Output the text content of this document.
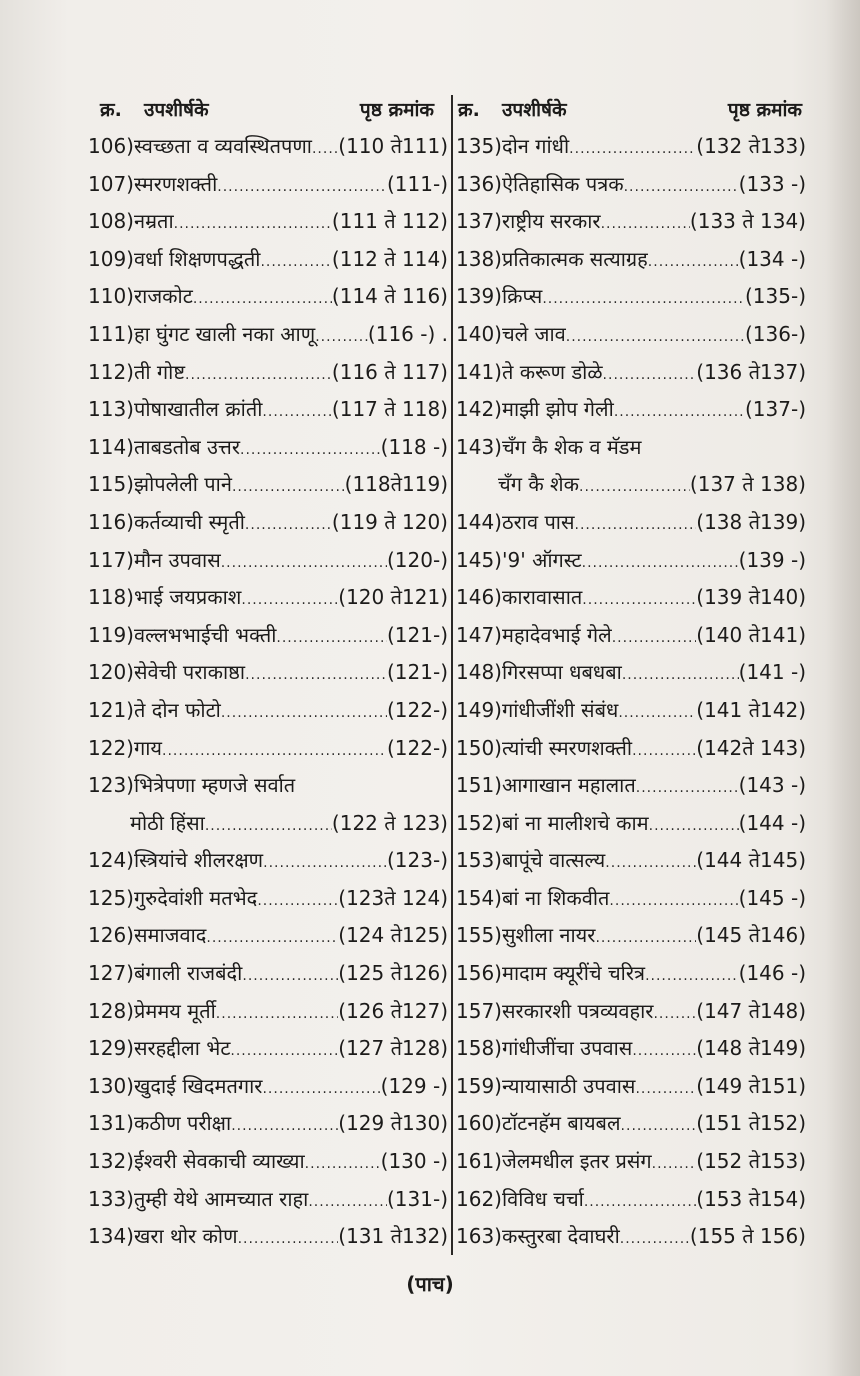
क्र. उपशीर्षके	पृष्ठ क्रमांक
106) स्वच्छता व व्यवस्थितपणा ..... (110 ते111)
107) स्मरणशक्ती .....	(111-)
108) नम्रता .....	(111 ते 112)
109) वर्धा शिक्षणपद्धती .....	(112 ते 114)
110) राजकोट .....	(114 ते 116)
111) हा घुंगट खाली नका आणू .....	(116 -) .
112) ती गोष्ट .....	(116 ते 117)
113) पोषाखातील क्रांती .....	(117 ते 118)
114) ताबडतोब उत्तर .....	(118 -)
115) झोपलेली पाने .....	(118ते119)
116) कर्तव्याची स्मृती .....	(119 ते 120)
117) मौन उपवास .....	(120-)
118) भाई जयप्रकाश .....	(120 ते121)
119) वल्लभभाईची भक्ती .....	(121-)
120) सेवेची पराकाष्ठा .....	(121-)
121) ते दोन फोटो .....	(122-)
122) गाय .....	(122-)
123) भित्रेपणा म्हणजे सर्वात
मोठी हिंसा .....	(122 ते 123)
124) स्त्रियांचे शीलरक्षण .....	(123-)
125) गुरुदेवांशी मतभेद .....	(123ते 124)
126) समाजवाद .....	(124 ते125)
127) बंगाली राजबंदी .....	(125 ते126)
128) प्रेममय मूर्ती .....	(126 ते127)
129) सरहद्दीला भेट .....	(127 ते128)
130) खुदाई खिदमतगार .....	(129 -)
131) कठीण परीक्षा .....	(129 ते130)
132) ईश्वरी सेवकाची व्याख्या .....	(130 -)
133) तुम्ही येथे आमच्यात राहा .....	(131-)
134) खरा थोर कोण .....	(131 ते132)
क्र. उपशीर्षके	पृष्ठ क्रमांक
135) दोन गांधी .....	(132 ते133)
136) ऐतिहासिक पत्रक .....	(133 -)
137) राष्ट्रीय सरकार .....	(133 ते 134)
138) प्रतिकात्मक सत्याग्रह .....	(134 -)
139) क्रिप्स .....	(135-)
140) चले जाव .....	(136-)
141) ते करूण डोळे .....	(136 ते137)
142) माझी झोप गेली .....	(137-)
143) चँग कै शेक व मॅडम
चँग कै शेक .....	(137 ते 138)
144) ठराव पास .....	(138 ते139)
145) '9' ऑगस्ट .....	(139 -)
146) कारावासात .....	(139 ते140)
147) महादेवभाई गेले .....	(140 ते141)
148) गिरसप्पा धबधबा .....	(141 -)
149) गांधीजींशी संबंध .....	(141 ते142)
150) त्यांची स्मरणशक्ती .....	(142ते 143)
151) आगाखान महालात .....	(143 -)
152) बां ना मालीशचे काम .....	(144 -)
153) बापूंचे वात्सल्य .....	(144 ते145)
154) बां ना शिकवीत .....	(145 -)
155) सुशीला नायर .....	(145 ते146)
156) मादाम क्यूरींचे चरित्र .....	(146 -)
157) सरकारशी पत्रव्यवहार ..... (147 ते148)
158) गांधीजींचा उपवास .....	(148 ते149)
159) न्यायासाठी उपवास .....	(149 ते151)
160) टॉटनहॅम बायबल .....	(151 ते152)
161) जेलमधील इतर प्रसंग ..... (152 ते153)
162) विविध चर्चा .....	(153 ते154)
163) कस्तुरबा देवाघरी .....	(155 ते 156)
(पाच)
